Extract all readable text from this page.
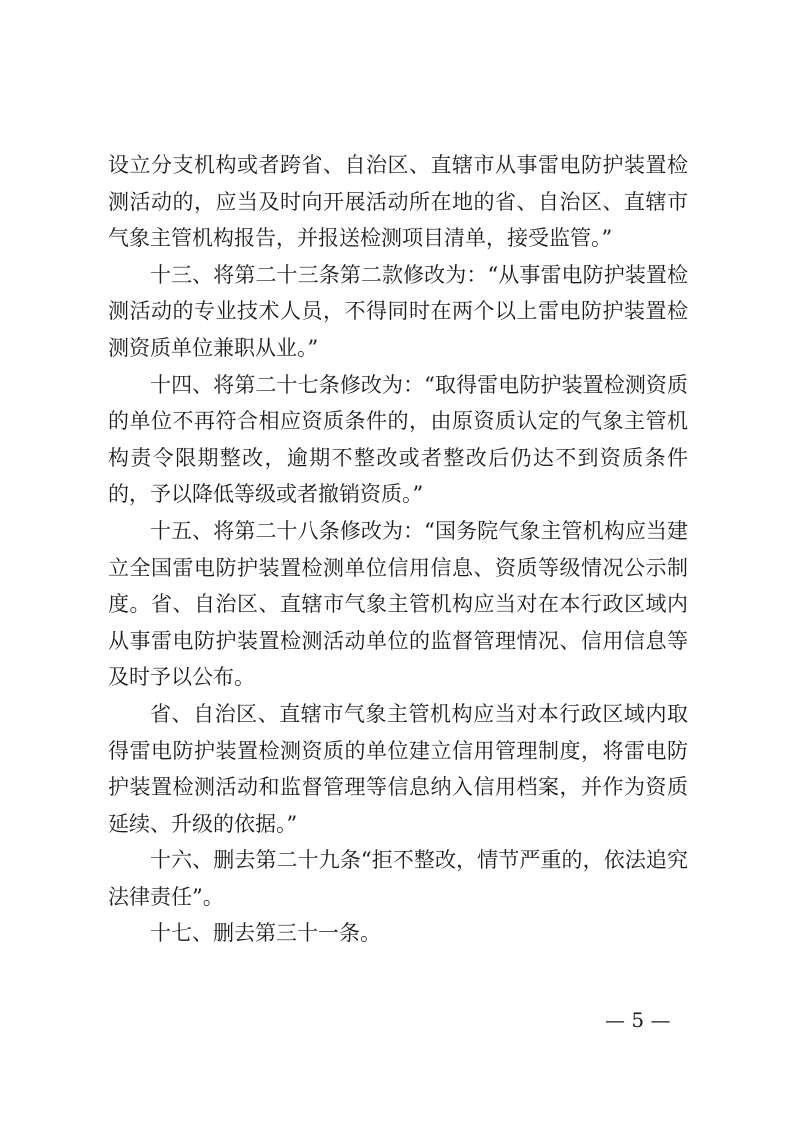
设立分支机构或者跨省、自治区、直辖市从事雷电防护装置检测活动的，应当及时向开展活动所在地的省、自治区、直辖市气象主管机构报告，并报送检测项目清单，接受监管。”

十三、将第二十三条第二款修改为：“从事雷电防护装置检测活动的专业技术人员，不得同时在两个以上雷电防护装置检测资质单位兼职从业。”

十四、将第二十七条修改为：“取得雷电防护装置检测资质的单位不再符合相应资质条件的，由原资质认定的气象主管机构责令限期整改，逾期不整改或者整改后仍达不到资质条件的，予以降低等级或者撤销资质。”

十五、将第二十八条修改为：“国务院气象主管机构应当建立全国雷电防护装置检测单位信用信息、资质等级情况公示制度。省、自治区、直辖市气象主管机构应当对在本行政区域内从事雷电防护装置检测活动单位的监督管理情况、信用信息等及时予以公布。

省、自治区、直辖市气象主管机构应当对本行政区域内取得雷电防护装置检测资质的单位建立信用管理制度，将雷电防护装置检测活动和监督管理等信息纳入信用档案，并作为资质延续、升级的依据。”

十六、删去第二十九条“拒不整改，情节严重的，依法追究法律责任”。

十七、删去第三十一条。

— 5 —
